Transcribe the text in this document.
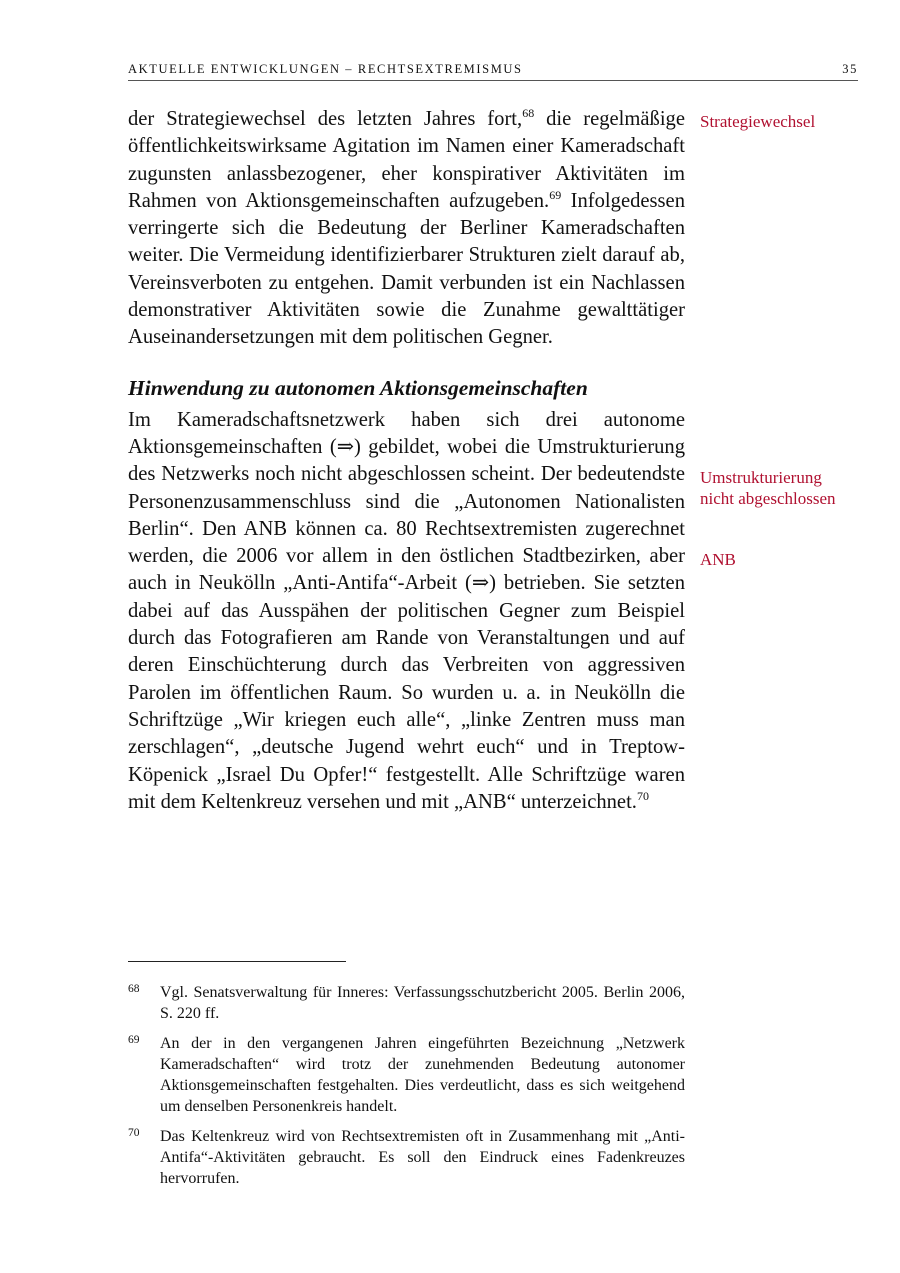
AKTUELLE ENTWICKLUNGEN – RECHTSEXTREMISMUS	35

der Strategiewechsel des letzten Jahres fort,$^{68}$ die regelmäßige öffentlichkeitswirksame Agitation im Namen einer Kameradschaft zugunsten anlassbezogener, eher konspirativer Aktivitäten im Rahmen von Aktionsgemeinschaften aufzugeben.$^{69}$ Infolgedessen verringerte sich die Bedeutung der Berliner Kameradschaften weiter. Die Vermeidung identifizierbarer Strukturen zielt darauf ab, Vereinsverboten zu entgehen. Damit verbunden ist ein Nachlassen demonstrativer Aktivitäten sowie die Zunahme gewalttätiger Auseinandersetzungen mit dem politischen Gegner.

Hinwendung zu autonomen Aktionsgemeinschaften

Im Kameradschaftsnetzwerk haben sich drei autonome Aktionsgemeinschaften (⇒) gebildet, wobei die Umstrukturierung des Netzwerks noch nicht abgeschlossen scheint. Der bedeutendste Personenzusammenschluss sind die „Autonomen Nationalisten Berlin“. Den ANB können ca. 80 Rechtsextremisten zugerechnet werden, die 2006 vor allem in den östlichen Stadtbezirken, aber auch in Neukölln „Anti-Antifa“-Arbeit (⇒) betrieben. Sie setzten dabei auf das Ausspähen der politischen Gegner zum Beispiel durch das Fotografieren am Rande von Veranstaltungen und auf deren Einschüchterung durch das Verbreiten von aggressiven Parolen im öffentlichen Raum. So wurden u. a. in Neukölln die Schriftzüge „Wir kriegen euch alle“, „linke Zentren muss man zerschlagen“, „deutsche Jugend wehrt euch“ und in Treptow-Köpenick „Israel Du Opfer!“ festgestellt. Alle Schriftzüge waren mit dem Keltenkreuz versehen und mit „ANB“ unterzeichnet.$^{70}$

Strategiewechsel
Umstrukturierung nicht abgeschlossen
ANB
68	Vgl. Senatsverwaltung für Inneres: Verfassungsschutzbericht 2005. Berlin 2006, S. 220 ff.
69	An der in den vergangenen Jahren eingeführten Bezeichnung „Netzwerk Kameradschaften“ wird trotz der zunehmenden Bedeutung autonomer Aktionsgemeinschaften festgehalten. Dies verdeutlicht, dass es sich weitgehend um denselben Personenkreis handelt.
70	Das Keltenkreuz wird von Rechtsextremisten oft in Zusammenhang mit „Anti-Antifa“-Aktivitäten gebraucht. Es soll den Eindruck eines Fadenkreuzes hervorrufen.
